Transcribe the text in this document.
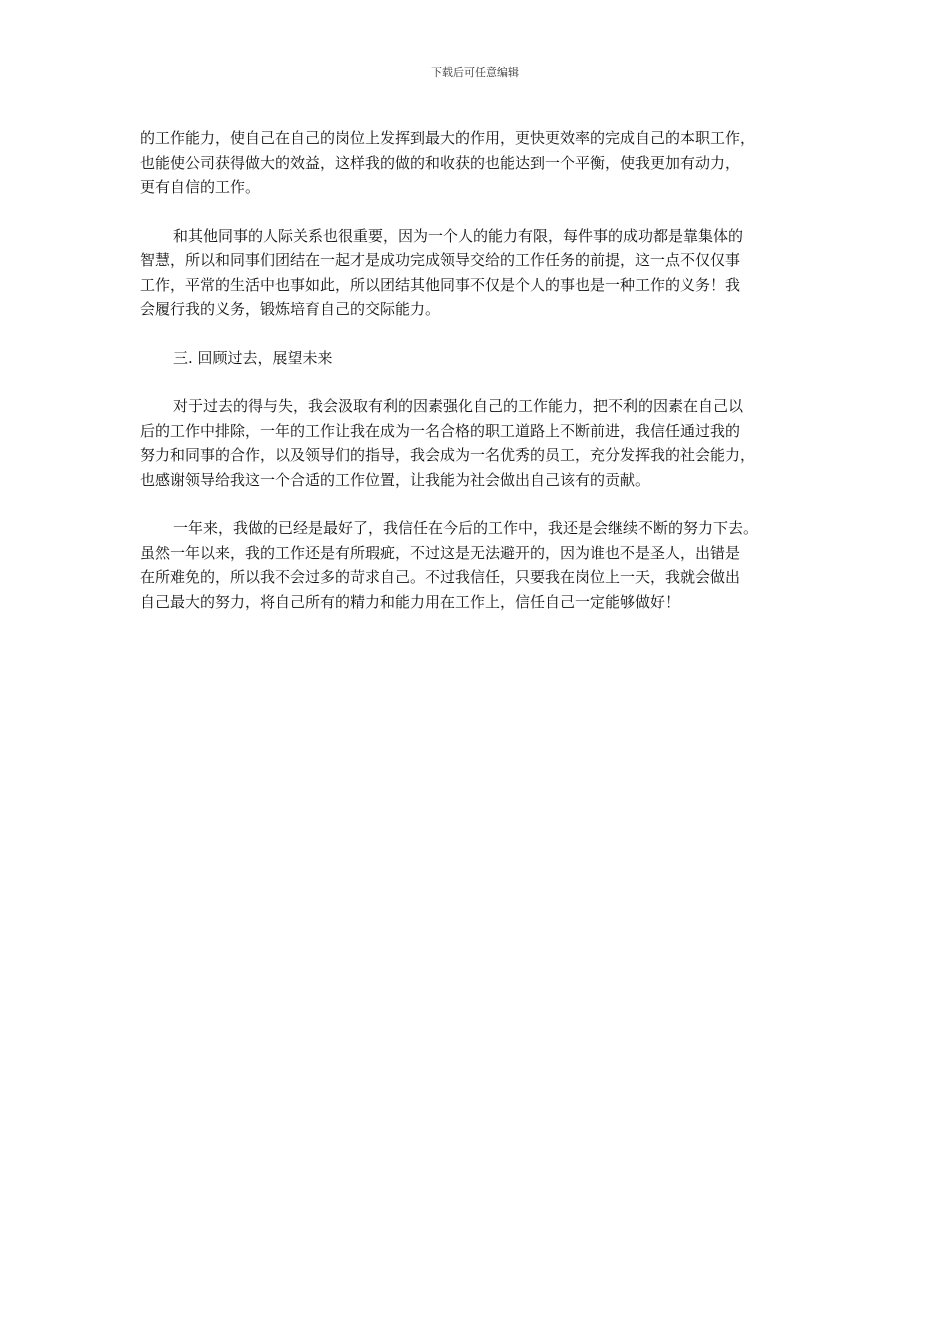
下载后可任意编辑
的工作能力，使自己在自己的岗位上发挥到最大的作用，更快更效率的完成自己的本职工作，
也能使公司获得做大的效益，这样我的做的和收获的也能达到一个平衡，使我更加有动力，
更有自信的工作。
和其他同事的人际关系也很重要，因为一个人的能力有限，每件事的成功都是靠集体的
智慧，所以和同事们团结在一起才是成功完成领导交给的工作任务的前提，这一点不仅仅事
工作，平常的生活中也事如此，所以团结其他同事不仅是个人的事也是一种工作的义务！我
会履行我的义务，锻炼培育自己的交际能力。
三. 回顾过去，展望未来
对于过去的得与失，我会汲取有利的因素强化自己的工作能力，把不利的因素在自己以
后的工作中排除，一年的工作让我在成为一名合格的职工道路上不断前进，我信任通过我的
努力和同事的合作，以及领导们的指导，我会成为一名优秀的员工，充分发挥我的社会能力，
也感谢领导给我这一个合适的工作位置，让我能为社会做出自己该有的贡献。
一年来，我做的已经是最好了，我信任在今后的工作中，我还是会继续不断的努力下去。
虽然一年以来，我的工作还是有所瑕疵，不过这是无法避开的，因为谁也不是圣人，出错是
在所难免的，所以我不会过多的苛求自己。不过我信任，只要我在岗位上一天，我就会做出
自己最大的努力，将自己所有的精力和能力用在工作上，信任自己一定能够做好！
